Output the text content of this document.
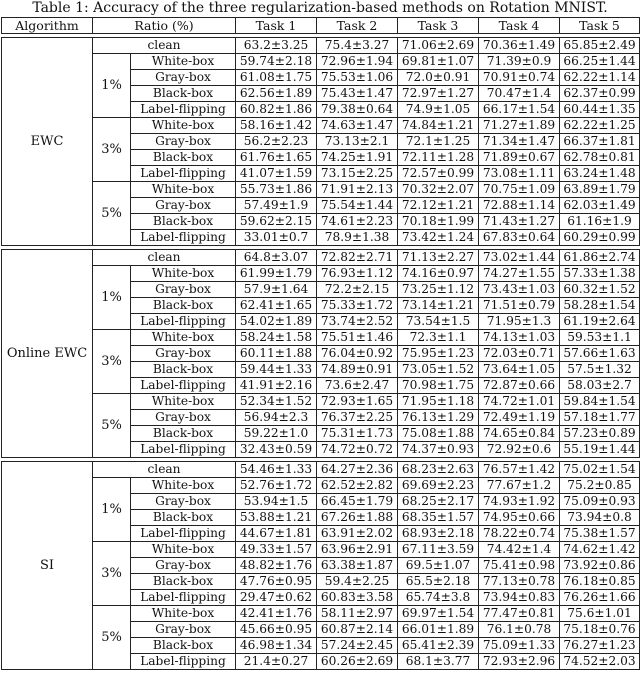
Table 1: Accuracy of the three regularization-based methods on Rotation MNIST.
Algorithm	Ratio (%)		Task 1	Task 2	Task 3	Task 4	Task 5

EWC	clean		63.2±3.25	75.4±3.27	71.06±2.69	70.36±1.49	65.85±2.49
	1%	White-box	59.74±2.18	72.96±1.94	69.81±1.07	71.39±0.9	66.25±1.44
		Gray-box	61.08±1.75	75.53±1.06	72.0±0.91	70.91±0.74	62.22±1.14
		Black-box	62.56±1.89	75.43±1.47	72.97±1.27	70.47±1.4	62.37±0.99
		Label-flipping	60.82±1.86	79.38±0.64	74.9±1.05	66.17±1.54	60.44±1.35
	3%	White-box	58.16±1.42	74.63±1.47	74.84±1.21	71.27±1.89	62.22±1.25
		Gray-box	56.2±2.23	73.13±2.1	72.1±1.25	71.34±1.47	66.37±1.81
		Black-box	61.76±1.65	74.25±1.91	72.11±1.28	71.89±0.67	62.78±0.81
		Label-flipping	41.07±1.59	73.15±2.25	72.57±0.99	73.08±1.11	63.24±1.48
	5%	White-box	55.73±1.86	71.91±2.13	70.32±2.07	70.75±1.09	63.89±1.79
		Gray-box	57.49±1.9	75.54±1.44	72.12±1.21	72.88±1.14	62.03±1.49
		Black-box	59.62±2.15	74.61±2.23	70.18±1.99	71.43±1.27	61.16±1.9
		Label-flipping	33.01±0.7	78.9±1.38	73.42±1.24	67.83±0.64	60.29±0.99

Online EWC	clean		64.8±3.07	72.82±2.71	71.13±2.27	73.02±1.44	61.86±2.74
	1%	White-box	61.99±1.79	76.93±1.12	74.16±0.97	74.27±1.55	57.33±1.38
		Gray-box	57.9±1.64	72.2±2.15	73.25±1.12	73.43±1.03	60.32±1.52
		Black-box	62.41±1.65	75.33±1.72	73.14±1.21	71.51±0.79	58.28±1.54
		Label-flipping	54.02±1.89	73.74±2.52	73.54±1.5	71.95±1.3	61.19±2.64
	3%	White-box	58.24±1.58	75.51±1.46	72.3±1.1	74.13±1.03	59.53±1.1
		Gray-box	60.11±1.88	76.04±0.92	75.95±1.23	72.03±0.71	57.66±1.63
		Black-box	59.44±1.33	74.89±0.91	73.05±1.52	73.64±1.05	57.5±1.32
		Label-flipping	41.91±2.16	73.6±2.47	70.98±1.75	72.87±0.66	58.03±2.7
	5%	White-box	52.34±1.52	72.93±1.65	71.95±1.18	74.72±1.01	59.84±1.54
		Gray-box	56.94±2.3	76.37±2.25	76.13±1.29	72.49±1.19	57.18±1.77
		Black-box	59.22±1.0	75.31±1.73	75.08±1.88	74.65±0.84	57.23±0.89
		Label-flipping	32.43±0.59	74.72±0.72	74.37±0.93	72.92±0.6	55.19±1.44

SI	clean		54.46±1.33	64.27±2.36	68.23±2.63	76.57±1.42	75.02±1.54
	1%	White-box	52.76±1.72	62.52±2.82	69.69±2.23	77.67±1.2	75.2±0.85
		Gray-box	53.94±1.5	66.45±1.79	68.25±2.17	74.93±1.92	75.09±0.93
		Black-box	53.88±1.21	67.26±1.88	68.35±1.57	74.95±0.66	73.94±0.8
		Label-flipping	44.67±1.81	63.91±2.02	68.93±2.18	78.22±0.74	75.38±1.57
	3%	White-box	49.33±1.57	63.96±2.91	67.11±3.59	74.42±1.4	74.62±1.42
		Gray-box	48.82±1.76	63.38±1.87	69.5±1.07	75.41±0.98	73.92±0.86
		Black-box	47.76±0.95	59.4±2.25	65.5±2.18	77.13±0.78	76.18±0.85
		Label-flipping	29.47±0.62	60.83±3.58	65.74±3.8	73.94±0.83	76.26±1.66
	5%	White-box	42.41±1.76	58.11±2.97	69.97±1.54	77.47±0.81	75.6±1.01
		Gray-box	45.66±0.95	60.87±2.14	66.01±1.89	76.1±0.78	75.18±0.76
		Black-box	46.98±1.34	57.24±2.45	65.41±2.39	75.09±1.33	76.27±1.23
		Label-flipping	21.4±0.27	60.26±2.69	68.1±3.77	72.93±2.96	74.52±2.03
